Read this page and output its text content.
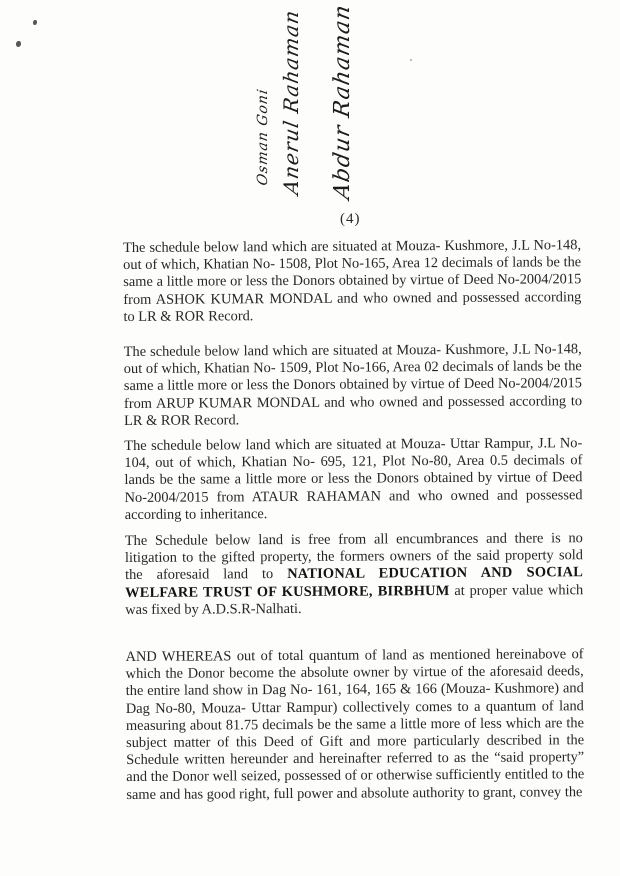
Osman Goni Anerul Rahaman	Abdur Rahaman
(4)

The schedule below land which are situated at Mouza- Kushmore, J.L No-148, out of which, Khatian No- 1508, Plot No-165, Area 12 decimals of lands be the same a little more or less the Donors obtained by virtue of Deed No-2004/2015 from ASHOK KUMAR MONDAL and who owned and possessed according to LR & ROR Record.

The schedule below land which are situated at Mouza- Kushmore, J.L No-148, out of which, Khatian No- 1509, Plot No-166, Area 02 decimals of lands be the same a little more or less the Donors obtained by virtue of Deed No-2004/2015 from ARUP KUMAR MONDAL and who owned and possessed according to LR & ROR Record.

The schedule below land which are situated at Mouza- Uttar Rampur, J.L No-104, out of which, Khatian No- 695, 121, Plot No-80, Area 0.5 decimals of lands be the same a little more or less the Donors obtained by virtue of Deed No-2004/2015 from ATAUR RAHAMAN and who owned and possessed according to inheritance.

The Schedule below land is free from all encumbrances and there is no litigation to the gifted property, the formers owners of the said property sold the aforesaid land to NATIONAL EDUCATION AND SOCIAL WELFARE TRUST OF KUSHMORE, BIRBHUM at proper value which was fixed by A.D.S.R-Nalhati.

AND WHEREAS out of total quantum of land as mentioned hereinabove of which the Donor become the absolute owner by virtue of the aforesaid deeds, the entire land show in Dag No- 161, 164, 165 & 166 (Mouza- Kushmore) and Dag No-80, Mouza- Uttar Rampur) collectively comes to a quantum of land measuring about 81.75 decimals be the same a little more of less which are the subject matter of this Deed of Gift and more particularly described in the Schedule written hereunder and hereinafter referred to as the “said property” and the Donor well seized, possessed of or otherwise sufficiently entitled to the same and has good right, full power and absolute authority to grant, convey the
